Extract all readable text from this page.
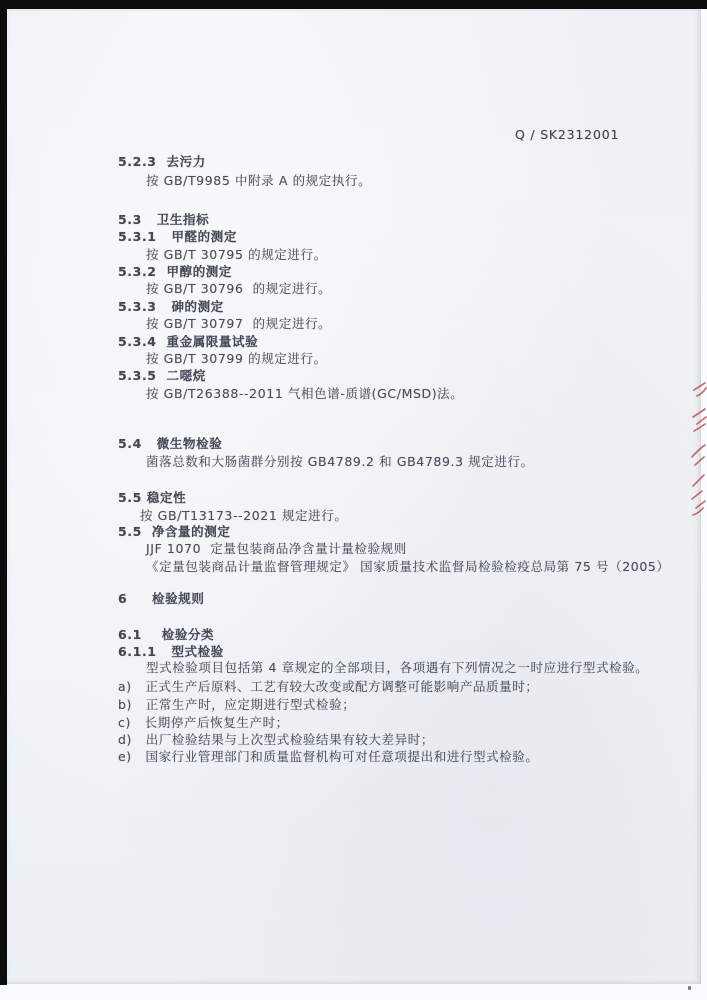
Q / SK2312001
5.2.3  去污力
按 GB/T9985 中附录 A 的规定执行。
5.3   卫生指标
5.3.1   甲醛的测定
按 GB/T 30795 的规定进行。
5.3.2  甲醇的测定
按 GB/T 30796  的规定进行。
5.3.3   砷的测定
按 GB/T 30797  的规定进行。
5.3.4  重金属限量试验
按 GB/T 30799 的规定进行。
5.3.5  二噁烷
按 GB/T26388--2011 气相色谱-质谱(GC/MSD)法。
5.4   微生物检验
菌落总数和大肠菌群分别按 GB4789.2 和 GB4789.3 规定进行。
5.5 稳定性
按 GB/T13173--2021 规定进行。
5.5  净含量的测定
JJF 1070  定量包装商品净含量计量检验规则
《定量包装商品计量监督管理规定》 国家质量技术监督局检验检疫总局第 75 号（2005）
6     检验规则
6.1    检验分类
6.1.1   型式检验
型式检验项目包括第 4 章规定的全部项目，各项遇有下列情况之一时应进行型式检验。
a)   正式生产后原料、工艺有较大改变或配方调整可能影响产品质量时；
b)   正常生产时，应定期进行型式检验；
c)   长期停产后恢复生产时；
d)   出厂检验结果与上次型式检验结果有较大差异时；
e)   国家行业管理部门和质量监督机构可对任意项提出和进行型式检验。
